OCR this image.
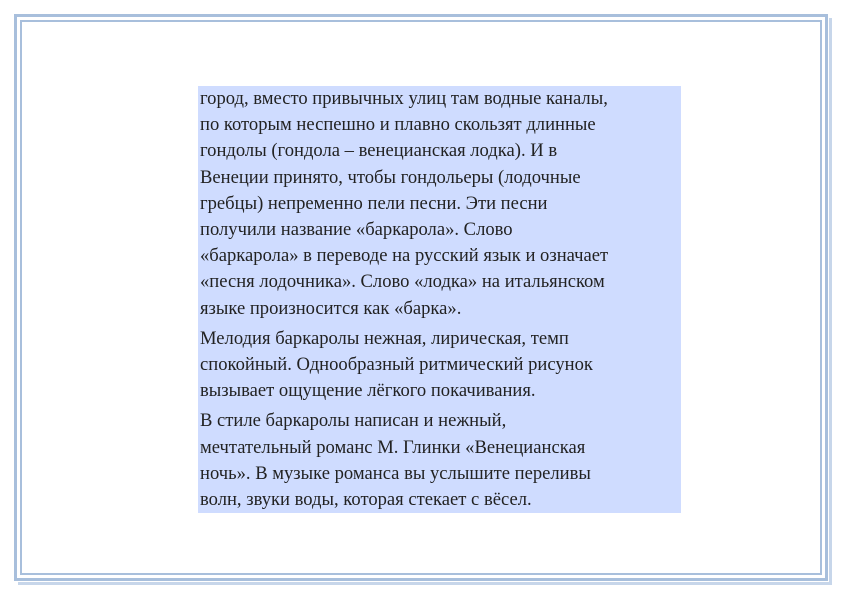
город, вместо привычных улиц там водные каналы,
по которым неспешно и плавно скользят длинные
гондолы (гондола – венецианская лодка). И в
Венеции принято, чтобы гондольеры (лодочные
гребцы) непременно пели песни. Эти песни
получили название «баркарола». Слово
«баркарола» в переводе на русский язык и означает
«песня лодочника». Слово «лодка» на итальянском
языке произносится как «барка».

Мелодия баркаролы нежная, лирическая, темп
спокойный. Однообразный ритмический рисунок
вызывает ощущение лёгкого покачивания.

В стиле баркаролы написан и нежный,
мечтательный романс М. Глинки «Венецианская
ночь». В музыке романса вы услышите переливы
волн, звуки воды, которая стекает с вёсел.
